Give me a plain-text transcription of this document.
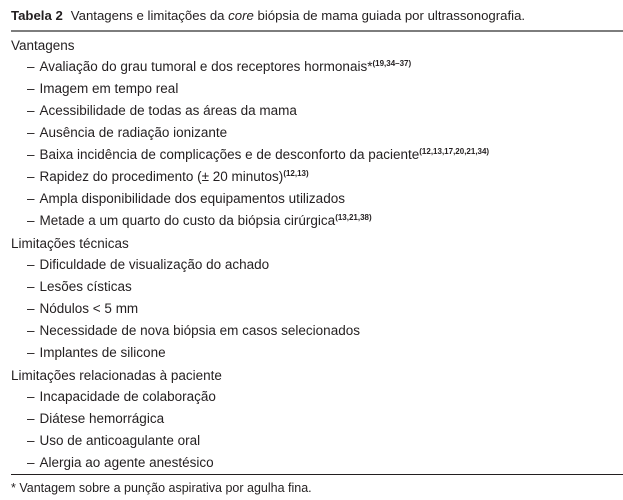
Tabela 2 Vantagens e limitações da core biópsia de mama guiada por ultrassonografia.
Vantagens
– Avaliação do grau tumoral e dos receptores hormonais*$^{(19,34-37)}$
– Imagem em tempo real
– Acessibilidade de todas as áreas da mama
– Ausência de radiação ionizante
– Baixa incidência de complicações e de desconforto da paciente$^{(12,13,17,20,21,34)}$
– Rapidez do procedimento (± 20 minutos)$^{(12,13)}$
– Ampla disponibilidade dos equipamentos utilizados
– Metade a um quarto do custo da biópsia cirúrgica$^{(13,21,38)}$
Limitações técnicas
– Dificuldade de visualização do achado
– Lesões císticas
– Nódulos < 5 mm
– Necessidade de nova biópsia em casos selecionados
– Implantes de silicone
Limitações relacionadas à paciente
– Incapacidade de colaboração
– Diátese hemorrágica
– Uso de anticoagulante oral
– Alergia ao agente anestésico
* Vantagem sobre a punção aspirativa por agulha fina.
